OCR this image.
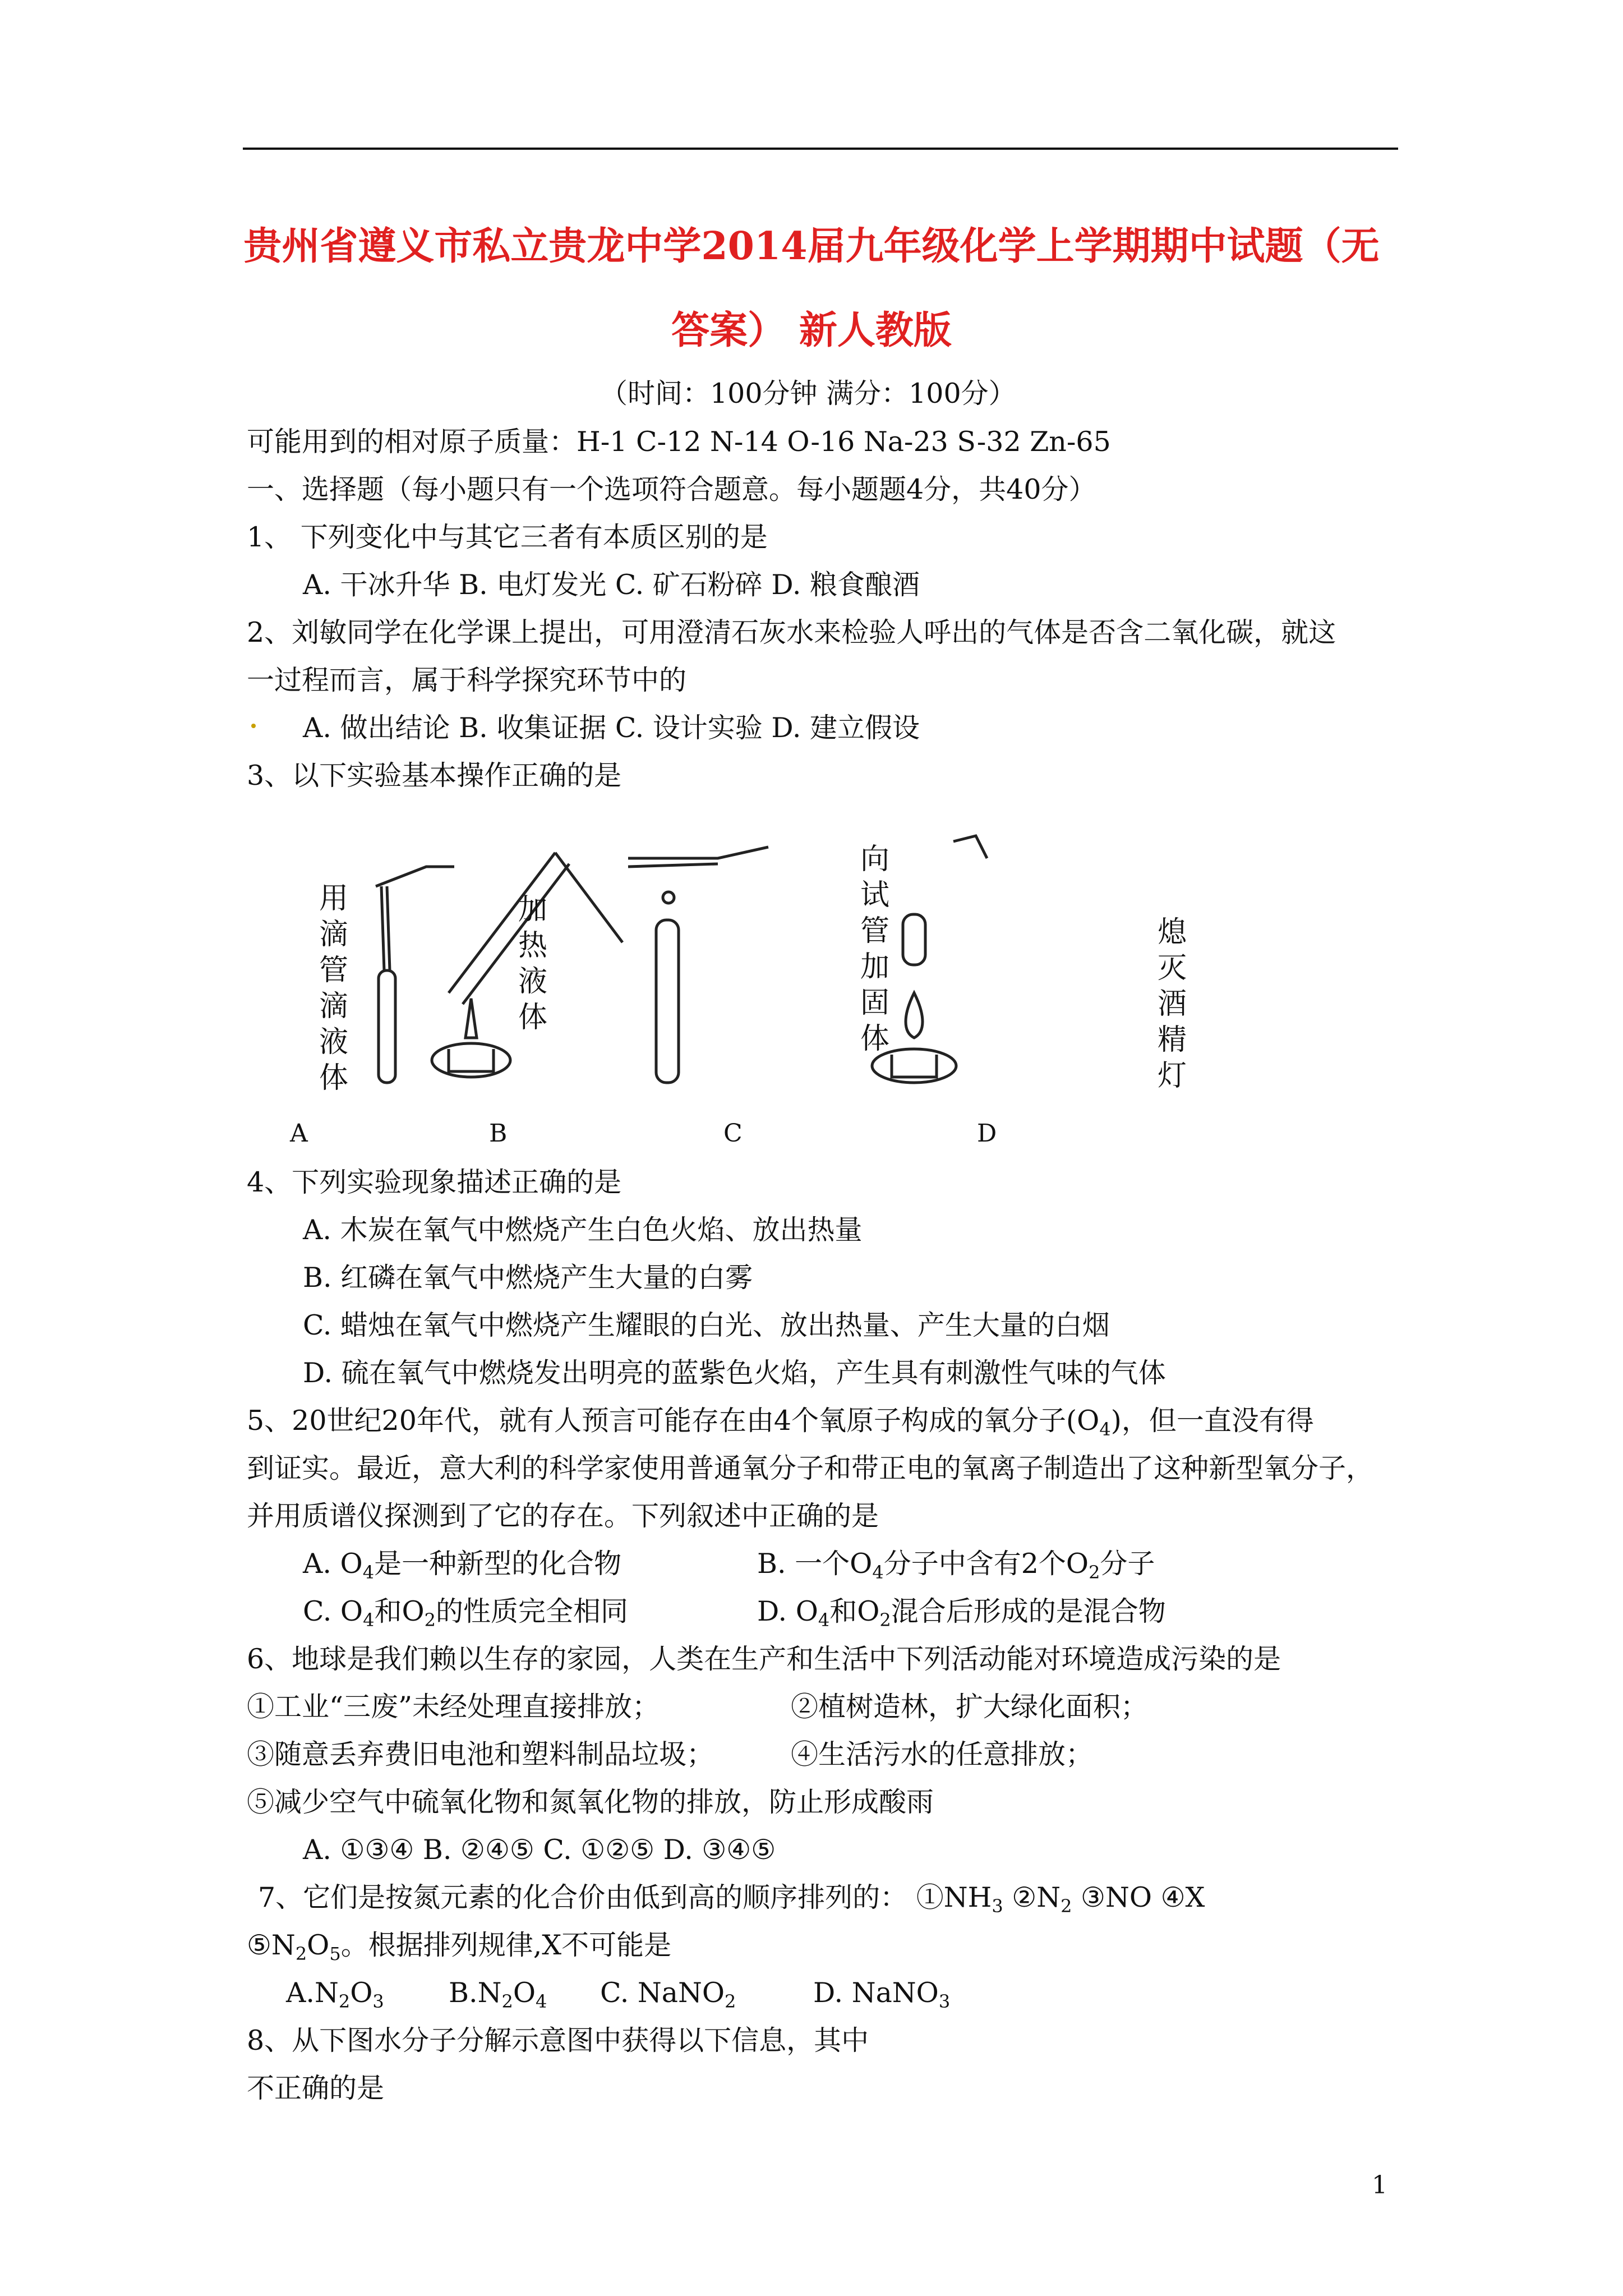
贵州省遵义市私立贵龙中学2014届九年级化学上学期期中试题（无
答案） 新人教版
（时间：100分钟 满分：100分）
可能用到的相对原子质量：H-1 C-12 N-14 O-16 Na-23 S-32 Zn-65
一、选择题（每小题只有一个选项符合题意。每小题题4分，共40分）
1、 下列变化中与其它三者有本质区别的是
A. 干冰升华 B. 电灯发光 C. 矿石粉碎 D. 粮食酿酒
2、刘敏同学在化学课上提出，可用澄清石灰水来检验人呼出的气体是否含二氧化碳，就这
一过程而言，属于科学探究环节中的
A. 做出结论 B. 收集证据 C. 设计实验 D. 建立假设
3、以下实验基本操作正确的是
用滴管滴液体
加热液体
向试管加固体
熄灭酒精灯
A	B	C	D
4、下列实验现象描述正确的是
A. 木炭在氧气中燃烧产生白色火焰、放出热量
B. 红磷在氧气中燃烧产生大量的白雾
C. 蜡烛在氧气中燃烧产生耀眼的白光、放出热量、产生大量的白烟
D. 硫在氧气中燃烧发出明亮的蓝紫色火焰，产生具有刺激性气味的气体
5、20世纪20年代，就有人预言可能存在由4个氧原子构成的氧分子$(O_4)$，但一直没有得
到证实。最近，意大利的科学家使用普通氧分子和带正电的氧离子制造出了这种新型氧分子，
并用质谱仪探测到了它的存在。下列叙述中正确的是
A. $O_4$是一种新型的化合物	B. 一个$O_4$分子中含有2个$O_2$分子
C. $O_4$和$O_2$的性质完全相同	D. $O_4$和$O_2$混合后形成的是混合物
6、地球是我们赖以生存的家园，人类在生产和生活中下列活动能对环境造成污染的是
①工业“三废”未经处理直接排放；	②植树造林，扩大绿化面积；
③随意丢弃费旧电池和塑料制品垃圾；	④生活污水的任意排放；
⑤减少空气中硫氧化物和氮氧化物的排放，防止形成酸雨
A. ①③④ B. ②④⑤ C. ①②⑤ D. ③④⑤
7、它们是按氮元素的化合价由低到高的顺序排列的： $①NH_3$ $②N_2$ ③NO ④X
$⑤N_2O_5$。根据排列规律,X不可能是
$A.N_2O_3$ $B.N_2O_4$ C. NaNO$_2$	D. NaNO$_3$
8、从下图水分子分解示意图中获得以下信息，其中
不正确的是
1
